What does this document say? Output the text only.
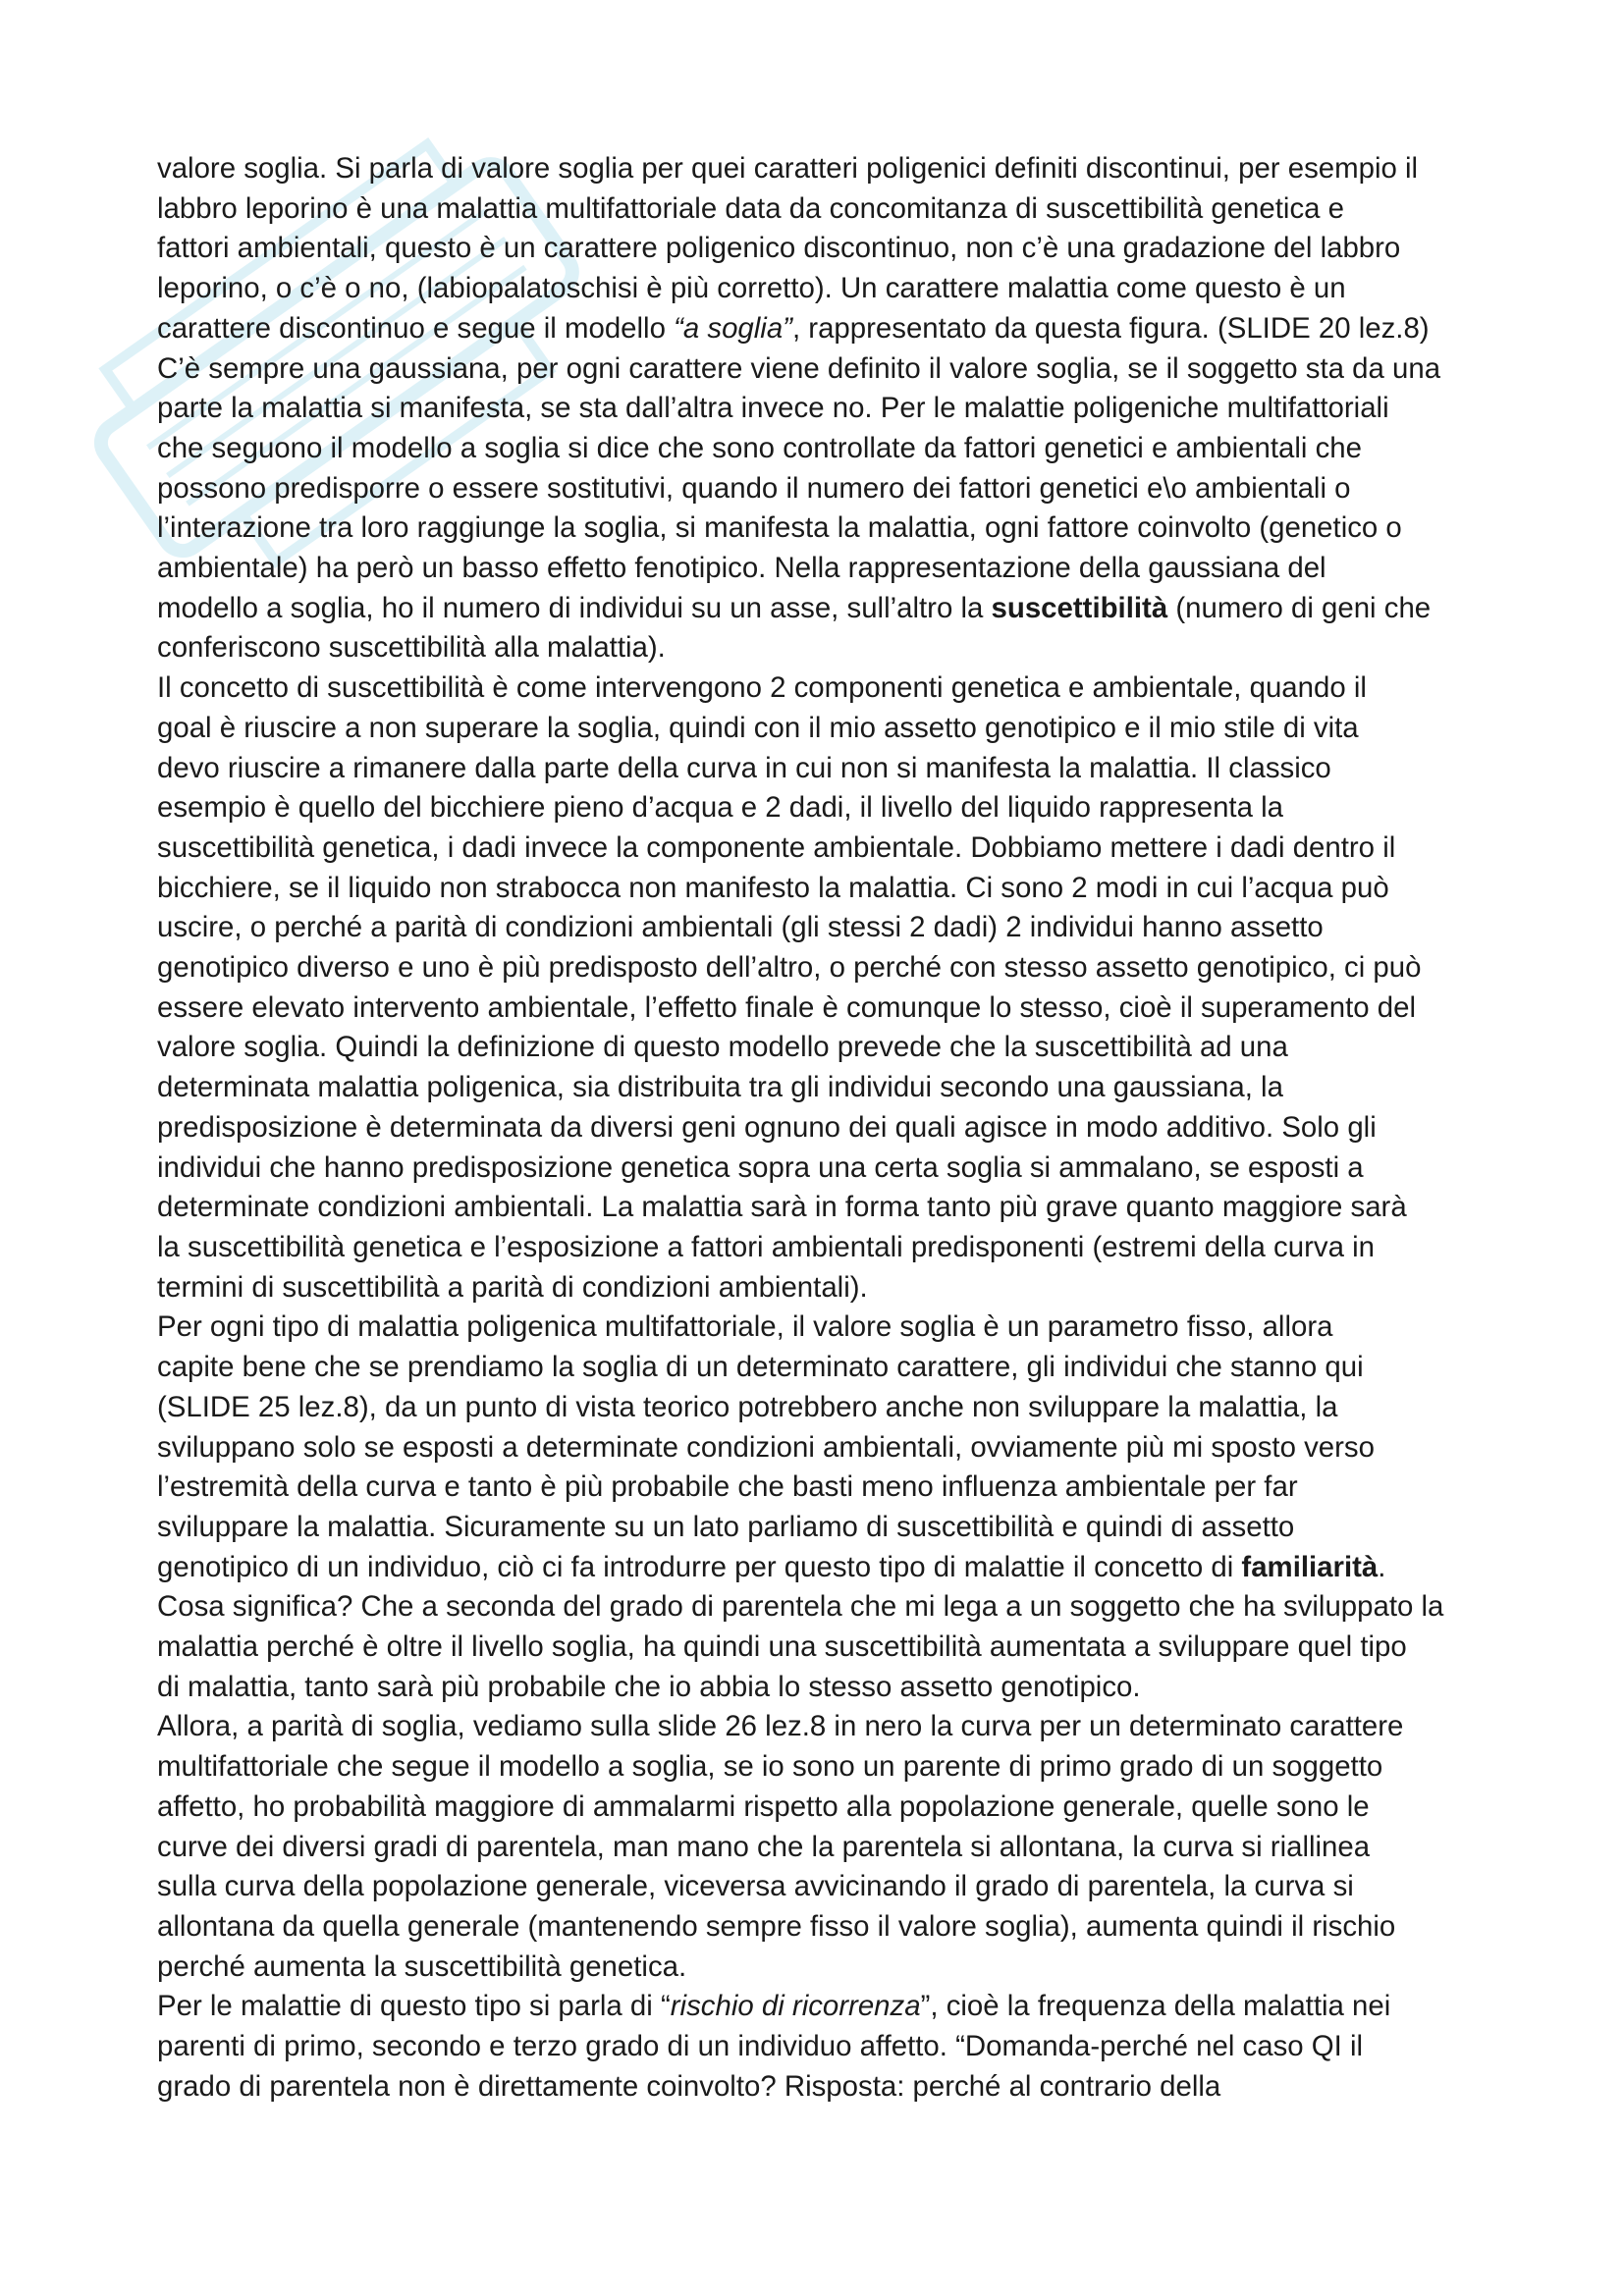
valore soglia. Si parla di valore soglia per quei caratteri poligenici definiti discontinui, per esempio il
labbro leporino è una malattia multifattoriale data da concomitanza di suscettibilità genetica e
fattori ambientali, questo è un carattere poligenico discontinuo, non c’è una gradazione del labbro
leporino, o c’è o no, (labiopalatoschisi è più corretto). Un carattere malattia come questo è un
carattere discontinuo e segue il modello “a soglia”, rappresentato da questa figura. (SLIDE 20 lez.8)
C’è sempre una gaussiana, per ogni carattere viene definito il valore soglia, se il soggetto sta da una
parte la malattia si manifesta, se sta dall’altra invece no. Per le malattie poligeniche multifattoriali
che seguono il modello a soglia si dice che sono controllate da fattori genetici e ambientali che
possono predisporre o essere sostitutivi, quando il numero dei fattori genetici e\o ambientali o
l’interazione tra loro raggiunge la soglia, si manifesta la malattia, ogni fattore coinvolto (genetico o
ambientale) ha però un basso effetto fenotipico. Nella rappresentazione della gaussiana del
modello a soglia, ho il numero di individui su un asse, sull’altro la suscettibilità (numero di geni che
conferiscono suscettibilità alla malattia).

Il concetto di suscettibilità è come intervengono 2 componenti genetica e ambientale, quando il
goal è riuscire a non superare la soglia, quindi con il mio assetto genotipico e il mio stile di vita
devo riuscire a rimanere dalla parte della curva in cui non si manifesta la malattia. Il classico
esempio è quello del bicchiere pieno d’acqua e 2 dadi, il livello del liquido rappresenta la
suscettibilità genetica, i dadi invece la componente ambientale. Dobbiamo mettere i dadi dentro il
bicchiere, se il liquido non strabocca non manifesto la malattia. Ci sono 2 modi in cui l’acqua può
uscire, o perché a parità di condizioni ambientali (gli stessi 2 dadi) 2 individui hanno assetto
genotipico diverso e uno è più predisposto dell’altro, o perché con stesso assetto genotipico, ci può
essere elevato intervento ambientale, l’effetto finale è comunque lo stesso, cioè il superamento del
valore soglia. Quindi la definizione di questo modello prevede che la suscettibilità ad una
determinata malattia poligenica, sia distribuita tra gli individui secondo una gaussiana, la
predisposizione è determinata da diversi geni ognuno dei quali agisce in modo additivo. Solo gli
individui che hanno predisposizione genetica sopra una certa soglia si ammalano, se esposti a
determinate condizioni ambientali. La malattia sarà in forma tanto più grave quanto maggiore sarà
la suscettibilità genetica e l’esposizione a fattori ambientali predisponenti (estremi della curva in
termini di suscettibilità a parità di condizioni ambientali).

Per ogni tipo di malattia poligenica multifattoriale, il valore soglia è un parametro fisso, allora
capite bene che se prendiamo la soglia di un determinato carattere, gli individui che stanno qui
(SLIDE 25 lez.8), da un punto di vista teorico potrebbero anche non sviluppare la malattia, la
sviluppano solo se esposti a determinate condizioni ambientali, ovviamente più mi sposto verso
l’estremità della curva e tanto è più probabile che basti meno influenza ambientale per far
sviluppare la malattia. Sicuramente su un lato parliamo di suscettibilità e quindi di assetto
genotipico di un individuo, ciò ci fa introdurre per questo tipo di malattie il concetto di familiarità.
Cosa significa? Che a seconda del grado di parentela che mi lega a un soggetto che ha sviluppato la
malattia perché è oltre il livello soglia, ha quindi una suscettibilità aumentata a sviluppare quel tipo
di malattia, tanto sarà più probabile che io abbia lo stesso assetto genotipico.

Allora, a parità di soglia, vediamo sulla slide 26 lez.8 in nero la curva per un determinato carattere
multifattoriale che segue il modello a soglia, se io sono un parente di primo grado di un soggetto
affetto, ho probabilità maggiore di ammalarmi rispetto alla popolazione generale, quelle sono le
curve dei diversi gradi di parentela, man mano che la parentela si allontana, la curva si riallinea
sulla curva della popolazione generale, viceversa avvicinando il grado di parentela, la curva si
allontana da quella generale (mantenendo sempre fisso il valore soglia), aumenta quindi il rischio
perché aumenta la suscettibilità genetica.

Per le malattie di questo tipo si parla di “rischio di ricorrenza”, cioè la frequenza della malattia nei
parenti di primo, secondo e terzo grado di un individuo affetto. “Domanda-perché nel caso QI il
grado di parentela non è direttamente coinvolto? Risposta: perché al contrario della
